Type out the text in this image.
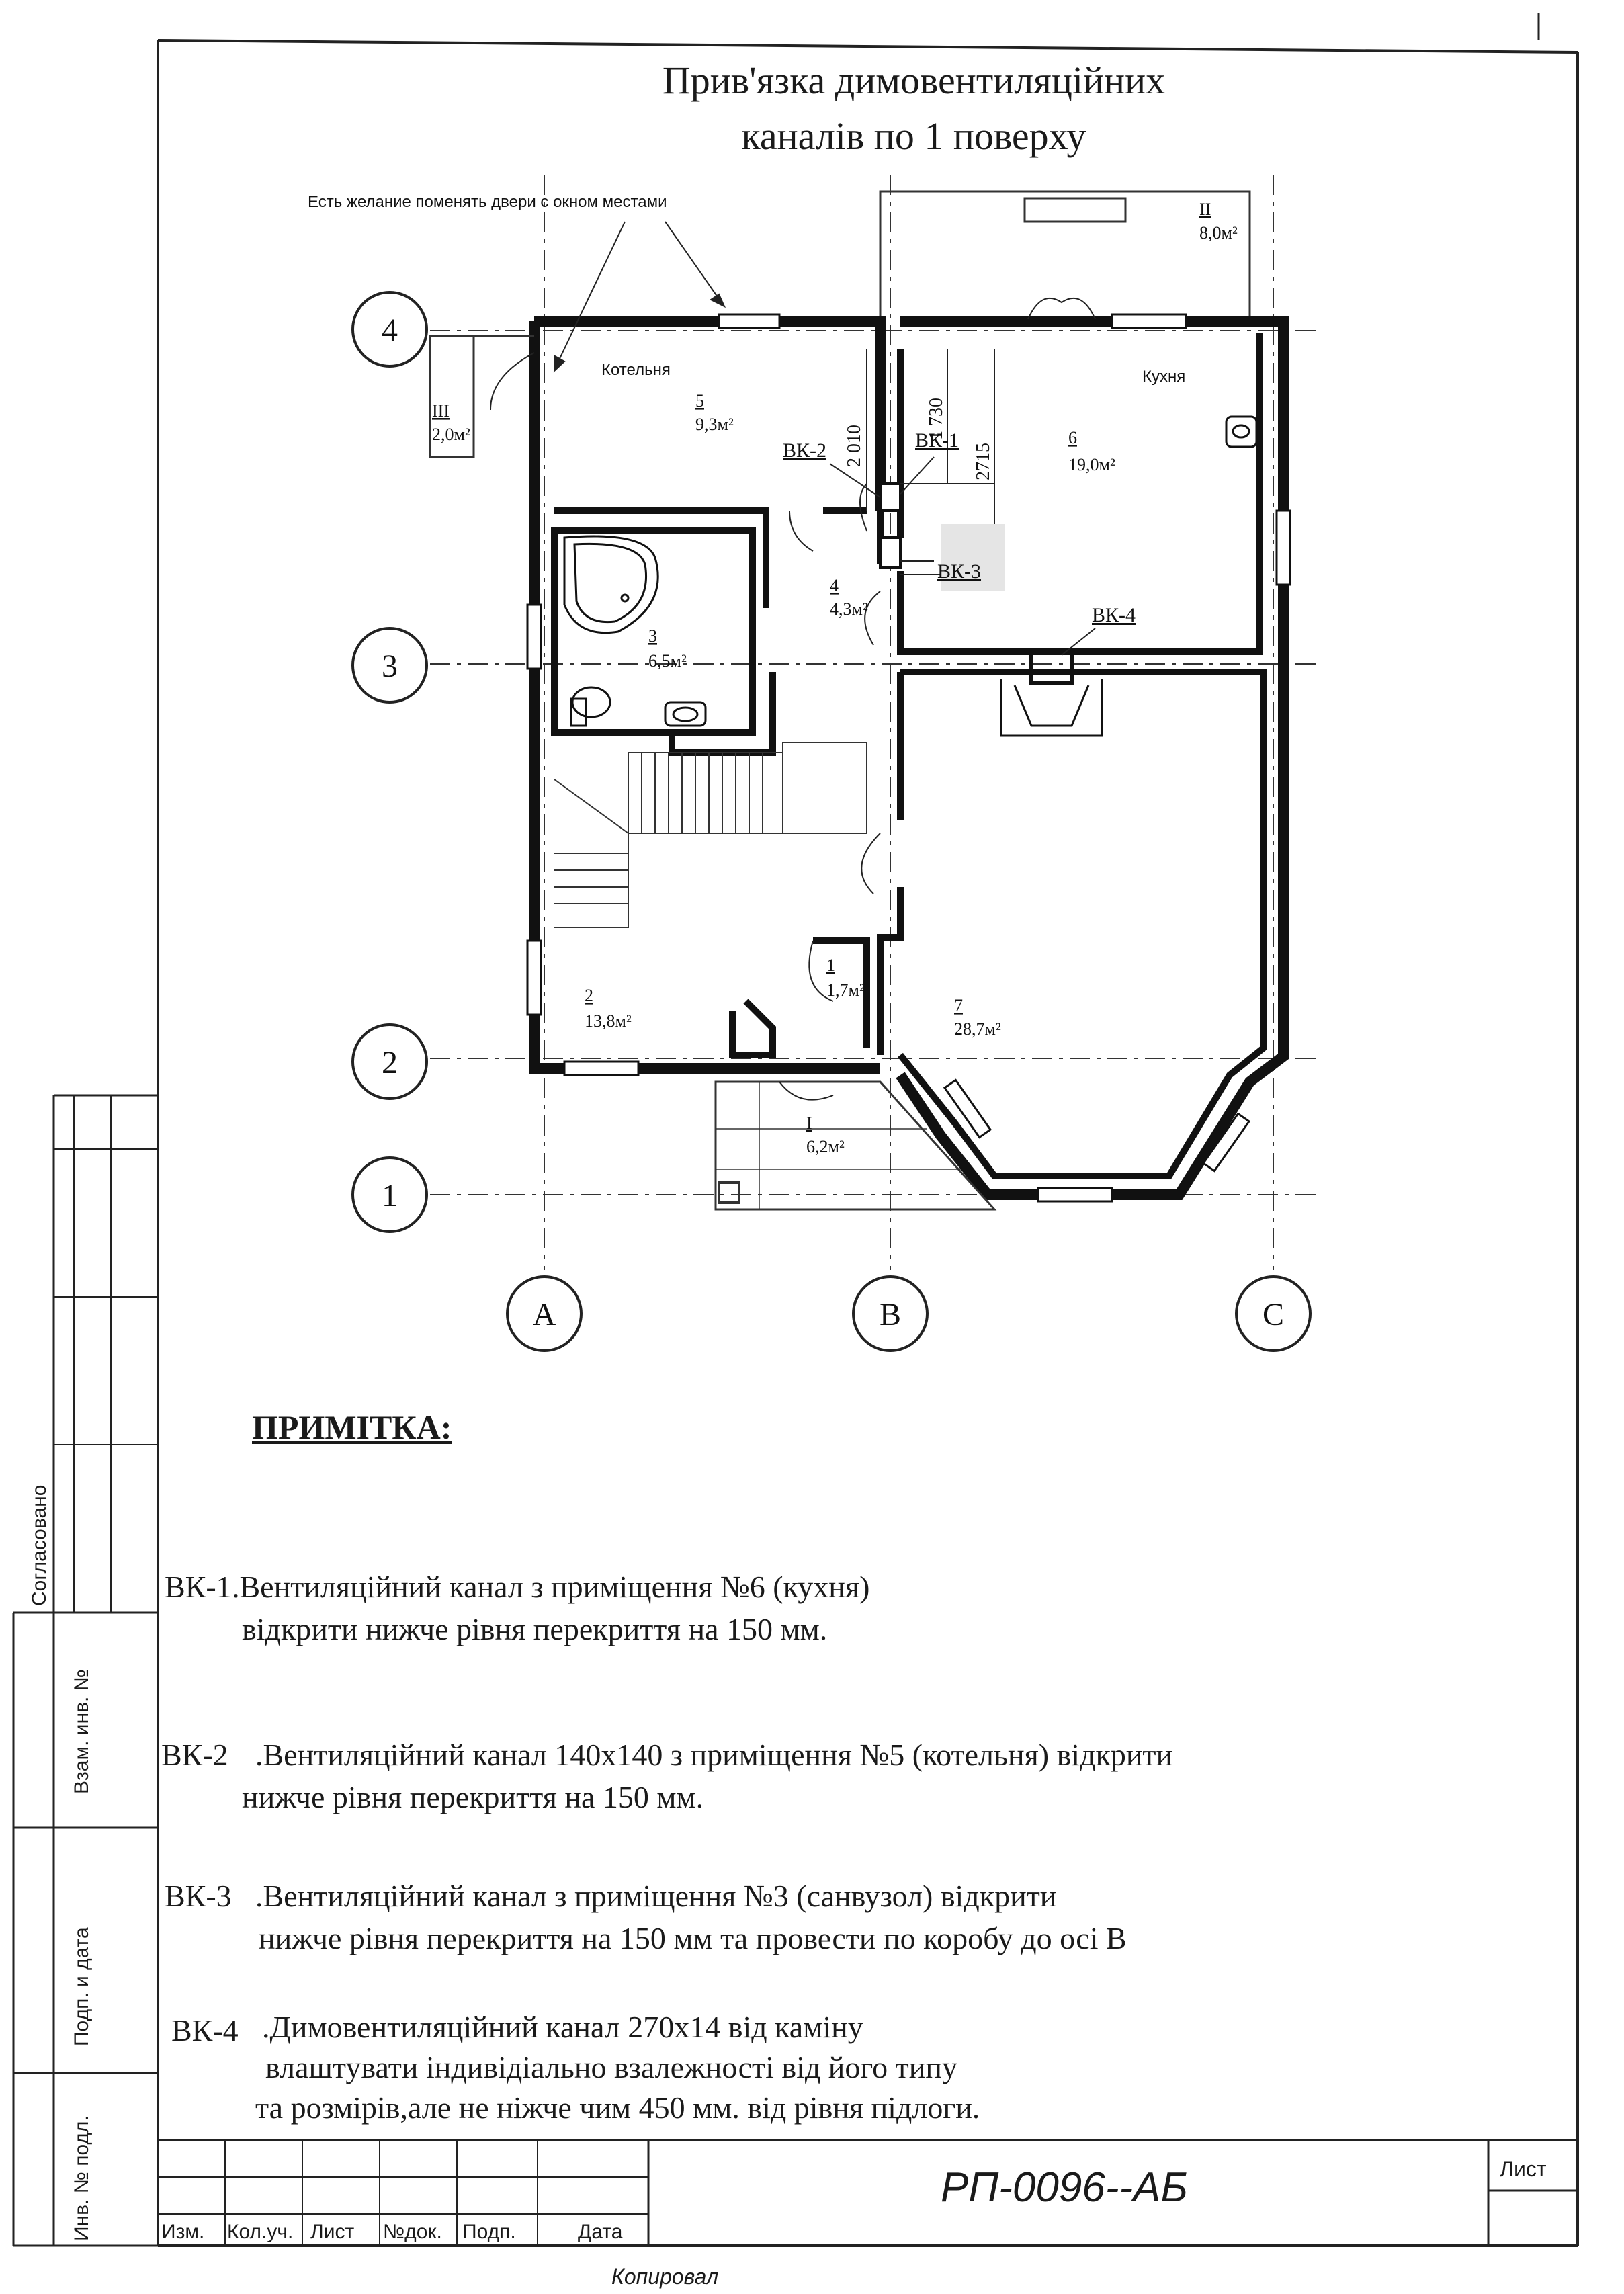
4
3
2
1
A	B	C
Есть желание поменять двери с окном местами
Котельня	Кухня
5
9,3м²
6
19,0м²
4
4,3м²
3
6,5м²
2
13,8м²
1
1,7м²
7
28,7м²
II
8,0м²
III
2,0м²
I
6,2м²
ВК-1
ВК-2
ВК-3
ВК-4
2 010
1 730
2715
Прив'язка димовентиляційних
каналів по 1 поверху
ПРИМІТКА:
ВК-1 .Вентиляційний канал з приміщення №6 (кухня)
відкрити нижче рівня перекриття на 150 мм.
ВК-2 .Вентиляційний канал 140х140 з приміщення №5 (котельня) відкрити
нижче рівня перекриття на 150 мм.
ВК-3 .Вентиляційний канал з приміщення №3 (санвузол) відкрити
нижче рівня перекриття на 150 мм та провести по коробу до осі В
ВК-4 .Димовентиляційний канал 270х14 від каміну
влаштувати індивідіально взалежності від його типу
та розмірів,але не ніжче чим 450 мм. від рівня підлоги.
Согласовано
Взам. инв. №
Подп. и дата
Инв. № подл.	Изм. Кол.уч. Лист №док. Подп.	Дата
Лист
РП-0096--АБ
Копировал
